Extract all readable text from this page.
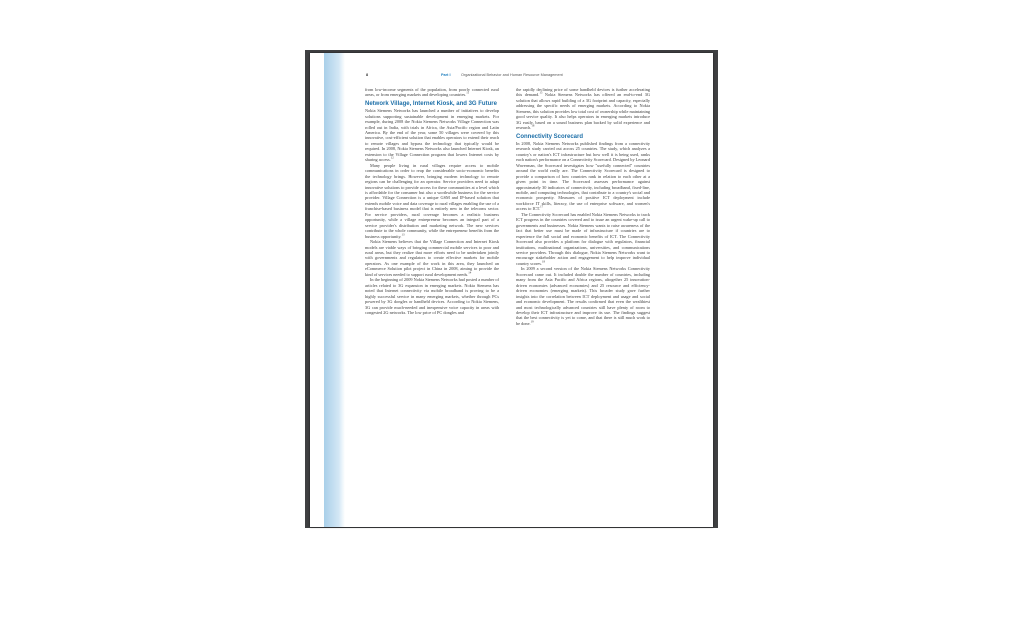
8	Part I	Organizational Behavior and Human Resource Management

from low-income segments of the population, from poorly connected rural areas, or from emerging markets and developing countries.$^{11}$

Network Village, Internet Kiosk, and 3G Future

Nokia Siemens Networks has launched a number of initiatives to develop solutions supporting sustainable development in emerging markets. For example, during 2008 the Nokia Siemens Networks Village Connection was rolled out in India, with trials in Africa, the Asia/Pacific region and Latin America. By the end of the year, some 50 villages were covered by this innovative, cost-efficient solution that enables operators to extend their reach to remote villages and bypass the technology that typically would be required. In 2008, Nokia Siemens Networks also launched Internet Kiosk, an extension to the Village Connection program that lowers Internet costs by sharing access.$^{12}$

Many people living in rural villages require access to mobile communications in order to reap the considerable socio-economic benefits the technology brings. However, bringing modern technology to remote regions can be challenging for an operator. Service providers need to adapt innovative solutions to provide access for these communities at a level which is affordable for the consumer but also a worthwhile business for the service provider. Village Connection is a unique GSM and IP-based solution that extends mobile voice and data coverage to rural villages enabling the use of a franchise-based business model that is entirely new in the telecoms sector. For service providers, rural coverage becomes a realistic business opportunity, while a village entrepreneur becomes an integral part of a service provider's distribution and marketing network. The new services contribute to the whole community, while the entrepreneur benefits from the business opportunity.$^{13}$

Nokia Siemens believes that the Village Connection and Internet Kiosk models are viable ways of bringing commercial mobile services to poor and rural areas, but they realize that more efforts need to be undertaken jointly with governments and regulators to create effective markets for mobile operators. As one example of the work in this area, they launched an eCommerce Solution pilot project in China in 2008, aiming to provide the kind of services needed to support rural development needs.$^{14}$

In the beginning of 2009 Nokia Siemens Networks had posted a number of articles related to 3G expansion in emerging markets. Nokia Siemens has noted that Internet connectivity via mobile broadband is proving to be a highly successful service in many emerging markets, whether through PCs powered by 3G dongles or handheld devices. According to Nokia Siemens, 3G can provide much-needed and inexpensive voice capacity in areas with congested 2G networks. The low price of PC dongles and

the rapidly declining price of some handheld devices is further accelerating this demand.$^{15}$ Nokia Siemens Networks has offered an end-to-end 3G solution that allows rapid building of a 3G footprint and capacity, especially addressing the specific needs of emerging markets. According to Nokia Siemens, this solution provides low total cost of ownership while maintaining good service quality. It also helps operators in emerging markets introduce 3G easily, based on a sound business plan backed by solid experience and research.$^{16}$

Connectivity Scorecard

In 2008, Nokia Siemens Networks published findings from a connectivity research study carried out across 25 countries. The study, which analyzes a country's or nation's ICT infrastructure but how well it is being used, ranks each nation's performance on a Connectivity Scorecard. Designed by Leonard Waverman, the Scorecard investigates how "usefully connected" countries around the world really are. The Connectivity Scorecard is designed to provide a comparison of how countries rank in relation to each other at a given point in time. The Scorecard assesses performance against approximately 30 indicators of connectivity, including broadband, fixed-line, mobile, and computing technologies, that contribute to a country's social and economic prosperity. Measures of positive ICT deployment include workforce IT skills, literacy, the use of enterprise software, and women's access to ICT.$^{17}$

The Connectivity Scorecard has enabled Nokia Siemens Networks to track ICT progress in the countries covered and to issue an urgent wake-up call to governments and businesses. Nokia Siemens wants to raise awareness of the fact that better use must be made of infrastructure if countries are to experience the full social and economic benefits of ICT. The Connectivity Scorecard also provides a platform for dialogue with regulators, financial institutions, multinational organizations, universities, and communications service providers. Through this dialogue, Nokia Siemens Networks want to encourage stakeholder action and engagement to help improve individual country scores.$^{18}$

In 2009 a second version of the Nokia Siemens Networks Connectivity Scorecard came out. It included double the number of countries, including many from the Asia Pacific and Africa regions, altogether 25 innovation-driven economies (advanced economies) and 25 resource and efficiency-driven economies (emerging markets). This broader study gave further insights into the correlation between ICT deployment and usage and social and economic development. The results confirmed that even the wealthiest and most technologically advanced countries still have plenty of room to develop their ICT infrastructure and improve its use. The findings suggest that the best connectivity is yet to come, and that there is still much work to be done.$^{19}$
